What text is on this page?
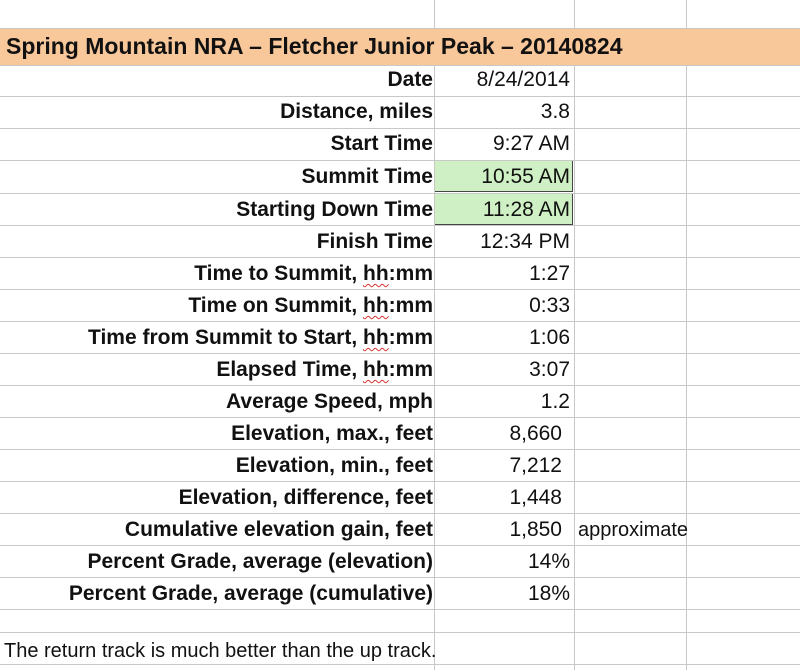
Spring Mountain NRA – Fletcher Junior Peak – 20140824
Date	8/24/2014
Distance, miles	3.8
Start Time	9:27 AM
Summit Time	10:55 AM
Starting Down Time	11:28 AM
Finish Time	12:34 PM
Time to Summit, hh:mm	1:27
Time on Summit, hh:mm	0:33
Time from Summit to Start, hh:mm	1:06
Elapsed Time, hh:mm	3:07
Average Speed, mph	1.2
Elevation, max., feet	8,660
Elevation, min., feet	7,212
Elevation, difference, feet	1,448
Cumulative elevation gain, feet	1,850 approximate
Percent Grade, average (elevation)	14%
Percent Grade, average (cumulative)	18%
The return track is much better than the up track.
